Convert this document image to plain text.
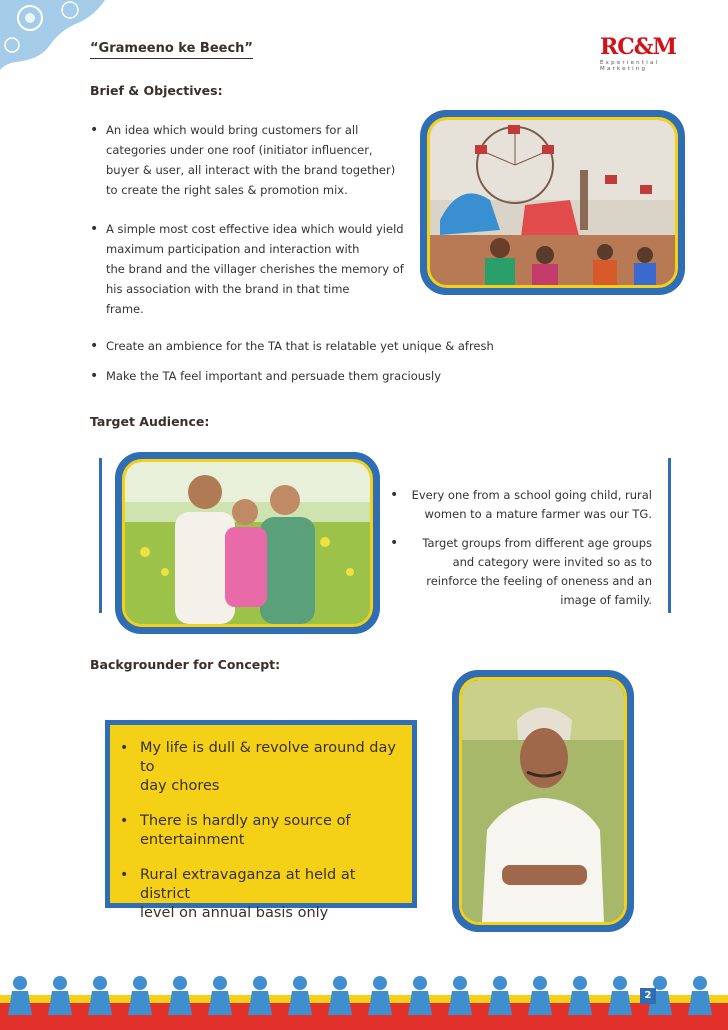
“Grameeno ke Beech”	RC&M
Experiential Marketing
Brief & Objectives:
• An idea which would bring customers for all
categories under one roof (initiator influencer,
buyer & user, all interact with the brand together)
to create the right sales & promotion mix.
• A simple most cost effective idea which would yield
maximum participation and interaction with
the brand and the villager cherishes the memory of
his association with the brand in that time
frame.
• Create an ambience for the TA that is relatable yet unique & afresh
• Make the TA feel important and persuade them graciously
Target Audience:
• Every one from a school going child, rural
women to a mature farmer was our TG.
• Target groups from different age groups
and category were invited so as to
reinforce the feeling of oneness and an
image of family.
Backgrounder for Concept:
• My life is dull & revolve around day to
day chores
• There is hardly any source of
entertainment
• Rural extravaganza at held at district
level on annual basis only
2
